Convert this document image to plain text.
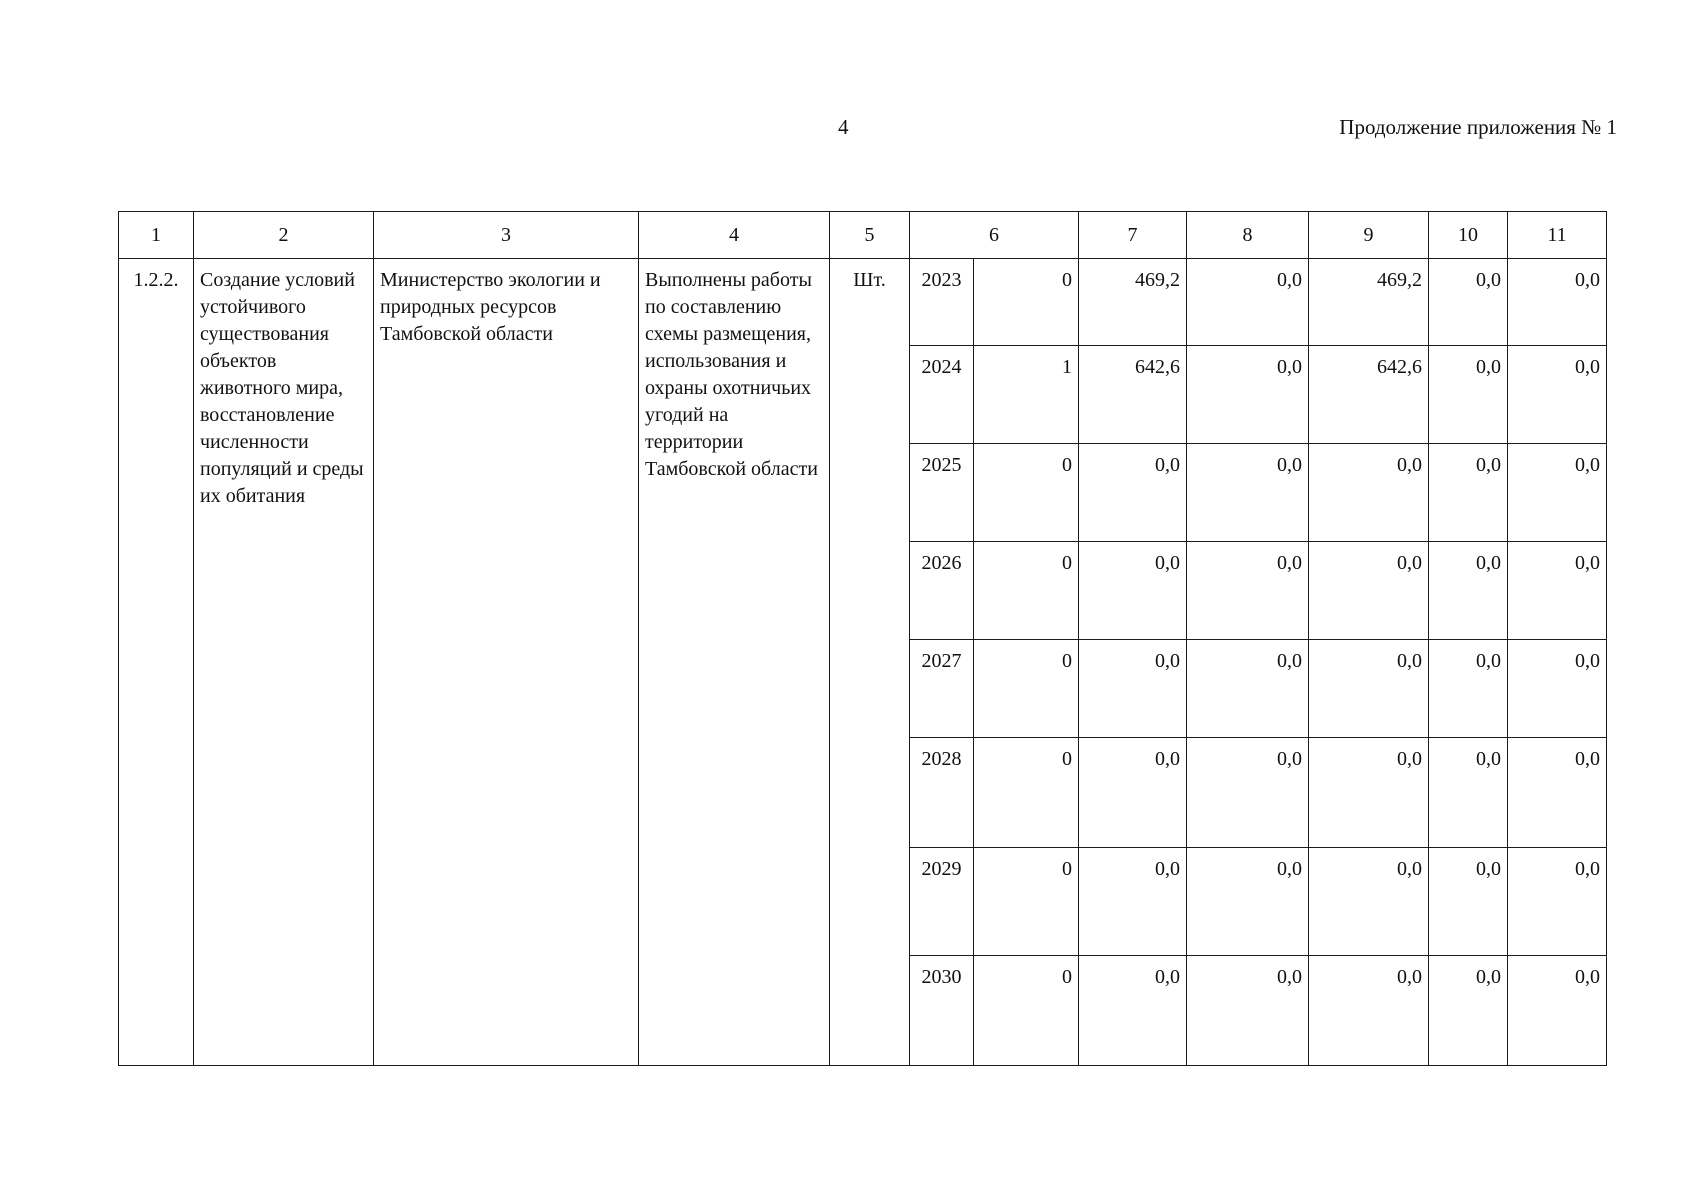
4	Продолжение приложения № 1
1	2	3	4	5	6		7	8	9	10	11
1.2.2.	Создание условий устойчивого существования объектов животного мира, восстановление численности популяций и среды их обитания	Министерство экологии и природных ресурсов Тамбовской области	Выполнены работы по составлению схемы размещения, использования и охраны охотничьих угодий на территории Тамбовской области	Шт.	2023	0	469,2	0,0	469,2	0,0	0,0
					2024	1	642,6	0,0	642,6	0,0	0,0
					2025	0	0,0	0,0	0,0	0,0	0,0
					2026	0	0,0	0,0	0,0	0,0	0,0
					2027	0	0,0	0,0	0,0	0,0	0,0
					2028	0	0,0	0,0	0,0	0,0	0,0
					2029	0	0,0	0,0	0,0	0,0	0,0
					2030	0	0,0	0,0	0,0	0,0	0,0
